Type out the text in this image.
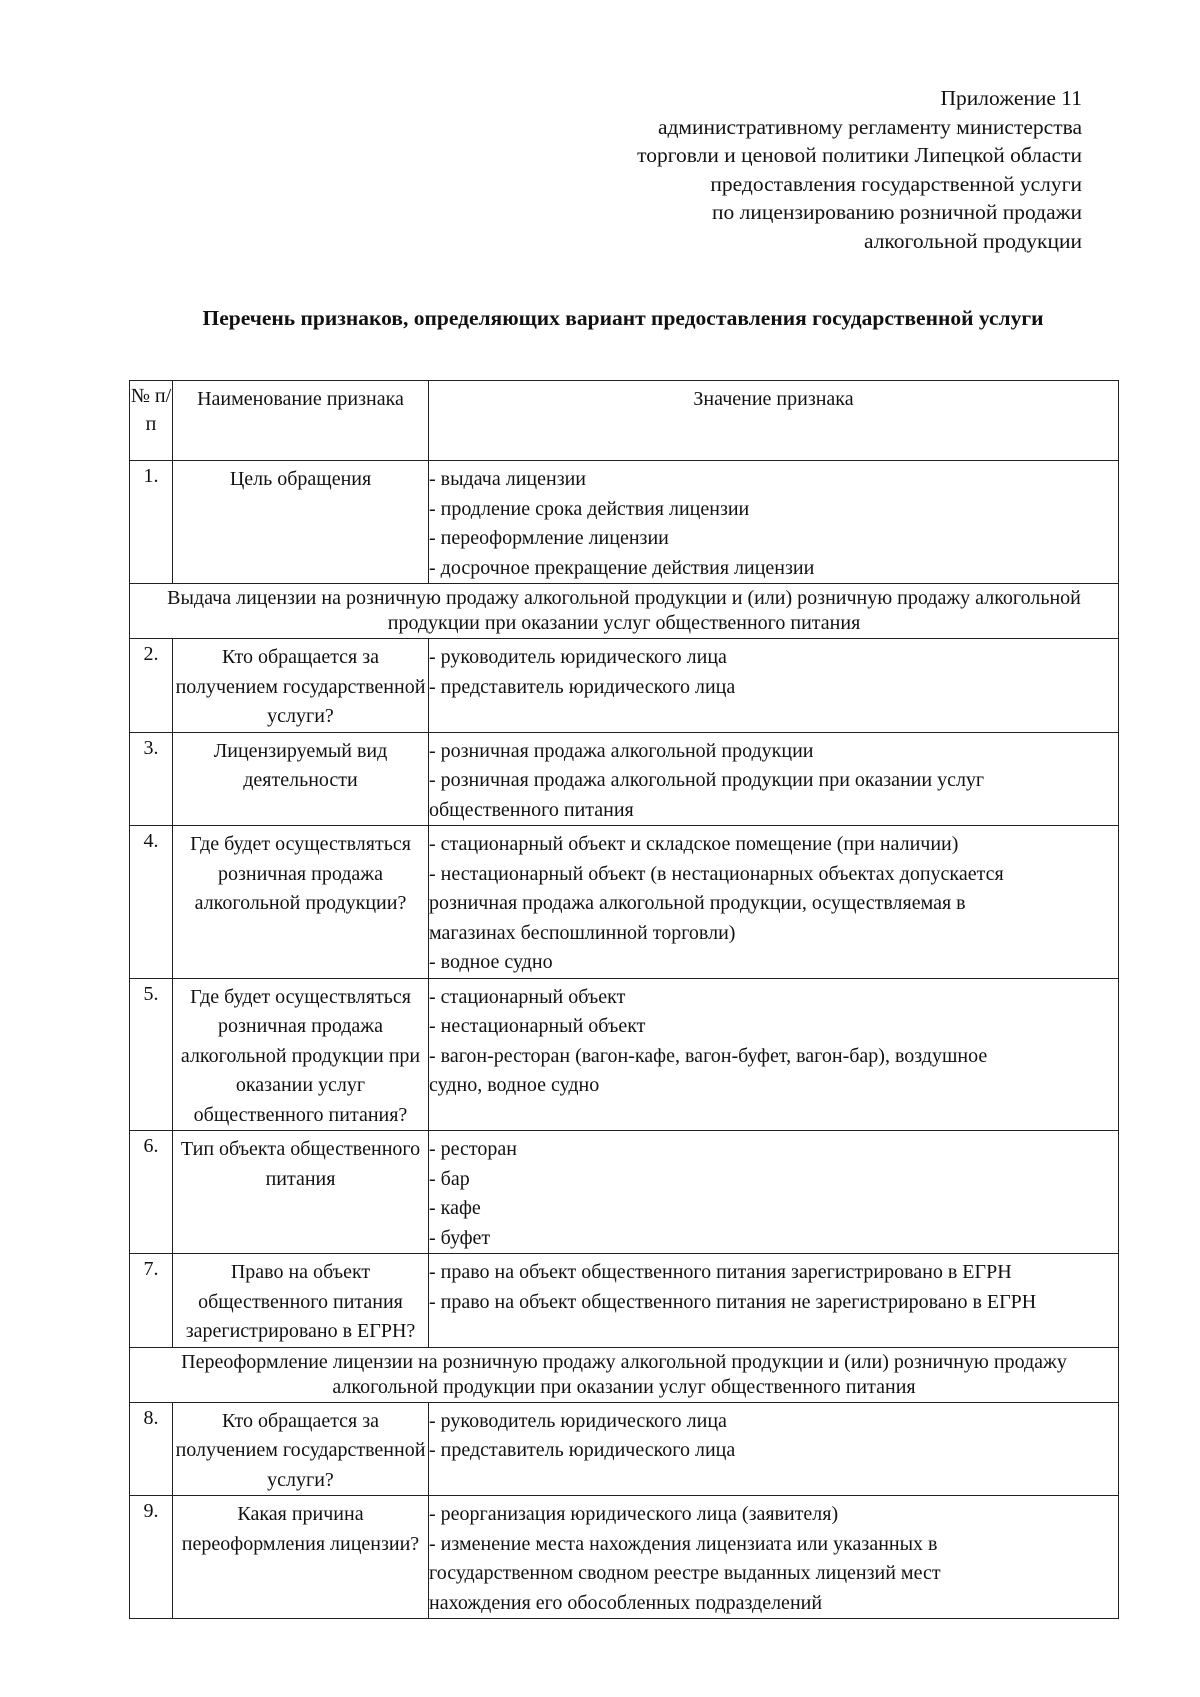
Приложение 11
административному регламенту министерства
торговли и ценовой политики Липецкой области
предоставления государственной услуги
по лицензированию розничной продажи
алкогольной продукции
Перечень признаков, определяющих вариант предоставления государственной услуги
№ п/п	Наименование признака	Значение признака
1.	Цель обращения	- выдача лицензии
- продление срока действия лицензии
- переоформление лицензии
- досрочное прекращение действия лицензии

Выдача лицензии на розничную продажу алкогольной продукции и (или) розничную продажу алкогольной продукции при оказании услуг общественного питания		
2.	Кто обращается за получением государственной услуги?	- руководитель юридического лица
- представитель юридического лица

3.	Лицензируемый вид деятельности	- розничная продажа алкогольной продукции
- розничная продажа алкогольной продукции при оказании услуг
общественного питания

4.	Где будет осуществляться розничная продажа алкогольной продукции?	- стационарный объект и складское помещение (при наличии)
- нестационарный объект (в нестационарных объектах допускается
розничная продажа алкогольной продукции, осуществляемая в
магазинах беспошлинной торговли)
- водное судно

5.	Где будет осуществляться розничная продажа алкогольной продукции при оказании услуг общественного питания?	- стационарный объект
- нестационарный объект
- вагон-ресторан (вагон-кафе, вагон-буфет, вагон-бар), воздушное
судно, водное судно

6.	Тип объекта общественного питания	- ресторан
- бар
- кафе
- буфет

7.	Право на объект общественного питания зарегистрировано в ЕГРН?	- право на объект общественного питания зарегистрировано в ЕГРН
- право на объект общественного питания не зарегистрировано в ЕГРН

Переоформление лицензии на розничную продажу алкогольной продукции и (или) розничную продажу алкогольной продукции при оказании услуг общественного питания		
8.	Кто обращается за получением государственной услуги?	- руководитель юридического лица
- представитель юридического лица

9.	Какая причина переоформления лицензии?	- реорганизация юридического лица (заявителя)
- изменение места нахождения лицензиата или указанных в
государственном сводном реестре выданных лицензий мест
нахождения его обособленных подразделений
